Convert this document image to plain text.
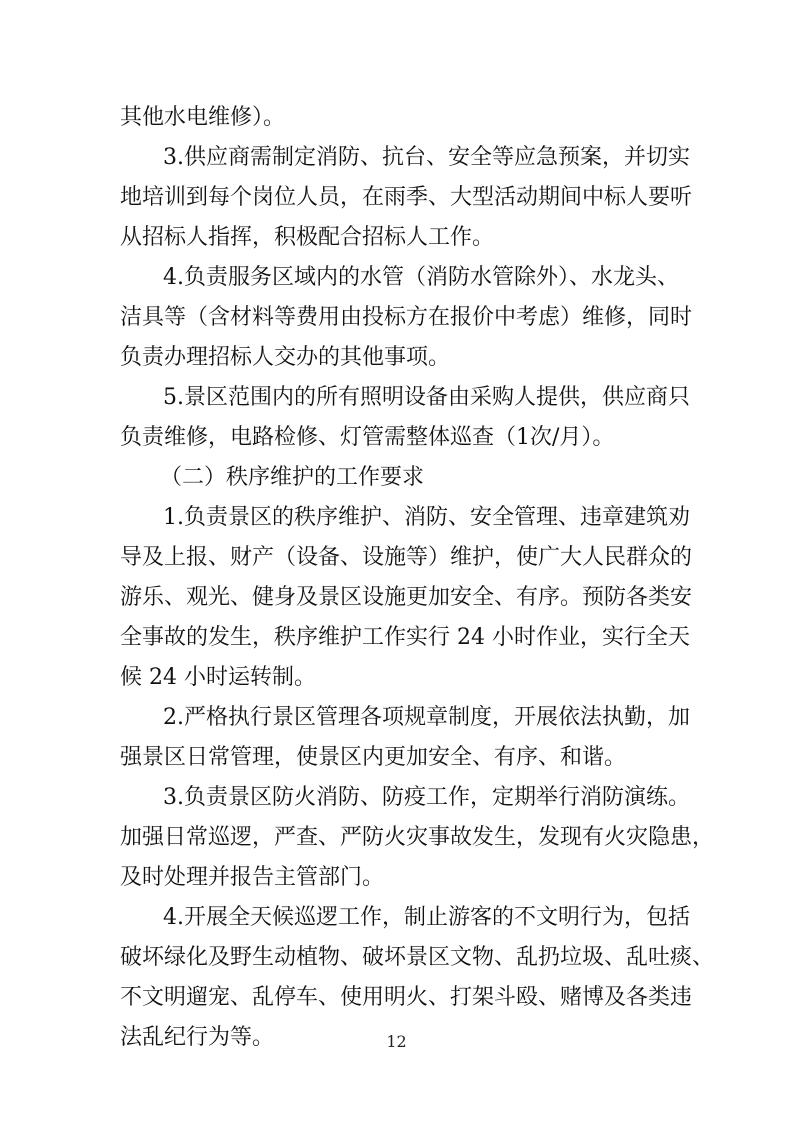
其他水电维修）。
3.供应商需制定消防、抗台、安全等应急预案，并切实
地培训到每个岗位人员，在雨季、大型活动期间中标人要听
从招标人指挥，积极配合招标人工作。
4.负责服务区域内的水管（消防水管除外）、水龙头、
洁具等（含材料等费用由投标方在报价中考虑）维修，同时
负责办理招标人交办的其他事项。
5.景区范围内的所有照明设备由采购人提供，供应商只
负责维修，电路检修、灯管需整体巡查（1次/月）。
（二）秩序维护的工作要求
1.负责景区的秩序维护、消防、安全管理、违章建筑劝
导及上报、财产（设备、设施等）维护，使广大人民群众的
游乐、观光、健身及景区设施更加安全、有序。预防各类安
全事故的发生，秩序维护工作实行 24 小时作业，实行全天
候 24 小时运转制。
2.严格执行景区管理各项规章制度，开展依法执勤，加
强景区日常管理，使景区内更加安全、有序、和谐。
3.负责景区防火消防、防疫工作，定期举行消防演练。
加强日常巡逻，严查、严防火灾事故发生，发现有火灾隐患，
及时处理并报告主管部门。
4.开展全天候巡逻工作，制止游客的不文明行为，包括
破坏绿化及野生动植物、破坏景区文物、乱扔垃圾、乱吐痰、
不文明遛宠、乱停车、使用明火、打架斗殴、赌博及各类违
法乱纪行为等。	12
